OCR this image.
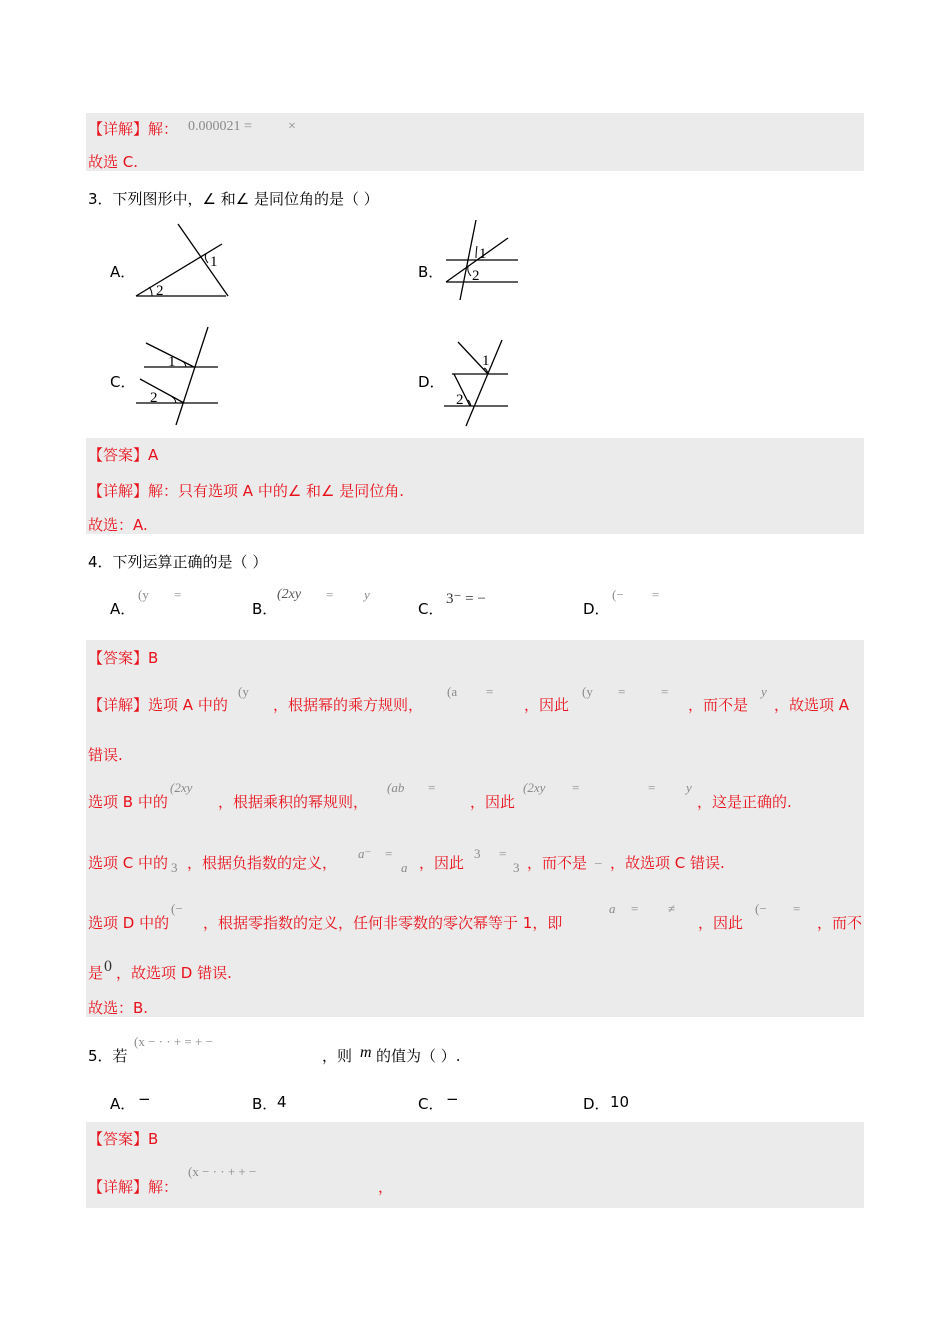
【详解】解： 0.000021 =	×
故选 C.
3．下列图形中，∠ 和∠ 是同位角的是（ ）
A．
1
2
B．
1
2
C．
1
2
D．
1
2
【答案】A
【详解】解：只有选项 A 中的∠ 和∠ 是同位角.
故选：A.
4．下列运算正确的是（ ）
A．
(y =
B．
(2xy = y
C．
3⁻ = −
D．
(− =
【答案】B
【详解】选项 A 中的
(y
，根据幂的乘方规则，
(a =
，因此
(y =	=
，而不是
y
，故选项 A
错误.
选项 B 中的
(2xy
，根据乘积的幂规则，
(ab =
，因此
(2xy =	= y
，这是正确的.
选项 C 中的 3 ，根据负指数的定义，
a⁻ =
a ，因此
3 =
3 ，而不是 _ ，故选项 C 错误.
选项 D 中的
(−
，根据零指数的定义，任何非零数的零次幂等于 1，即
a = ≠
，因此
(− =
，而不
是 0 ，故选项 D 错误.
故选：B.
5．若
(x − · · + = + −
，则 m 的值为（ ）.
A． −	B． 4	C． −	D． 10
【答案】B
【详解】解：
(x − · · + + −
，
